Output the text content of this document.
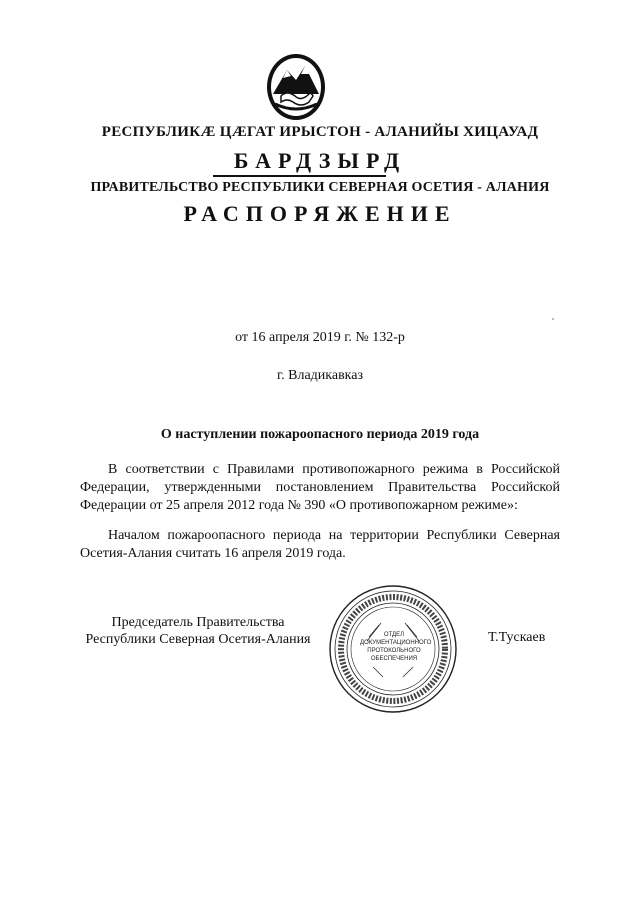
РЕСПУБЛИКӔ ЦӔГАТ ИРЫСТОН - АЛАНИЙЫ ХИЦАУАД
БАРДЗЫРД
ПРАВИТЕЛЬСТВО РЕСПУБЛИКИ СЕВЕРНАЯ ОСЕТИЯ - АЛАНИЯ
РАСПОРЯЖЕНИЕ
от 16 апреля 2019 г. № 132-р
г. Владикавказ
О наступлении пожароопасного периода 2019 года
В соответствии с Правилами противопожарного режима в Российской Федерации, утвержденными постановлением Правительства Российской Федерации от 25 апреля 2012 года № 390 «О противопожарном режиме»:
Началом пожароопасного периода на территории Республики Северная Осетия-Алания считать 16 апреля 2019 года.
Председатель Правительства
Республики Северная Осетия-Алания	ОТДЕЛ
ДОКУМЕНТАЦИОННОГО
ПРОТОКОЛЬНОГО
ОБЕСПЕЧЕНИЯ
Т.Тускаев
